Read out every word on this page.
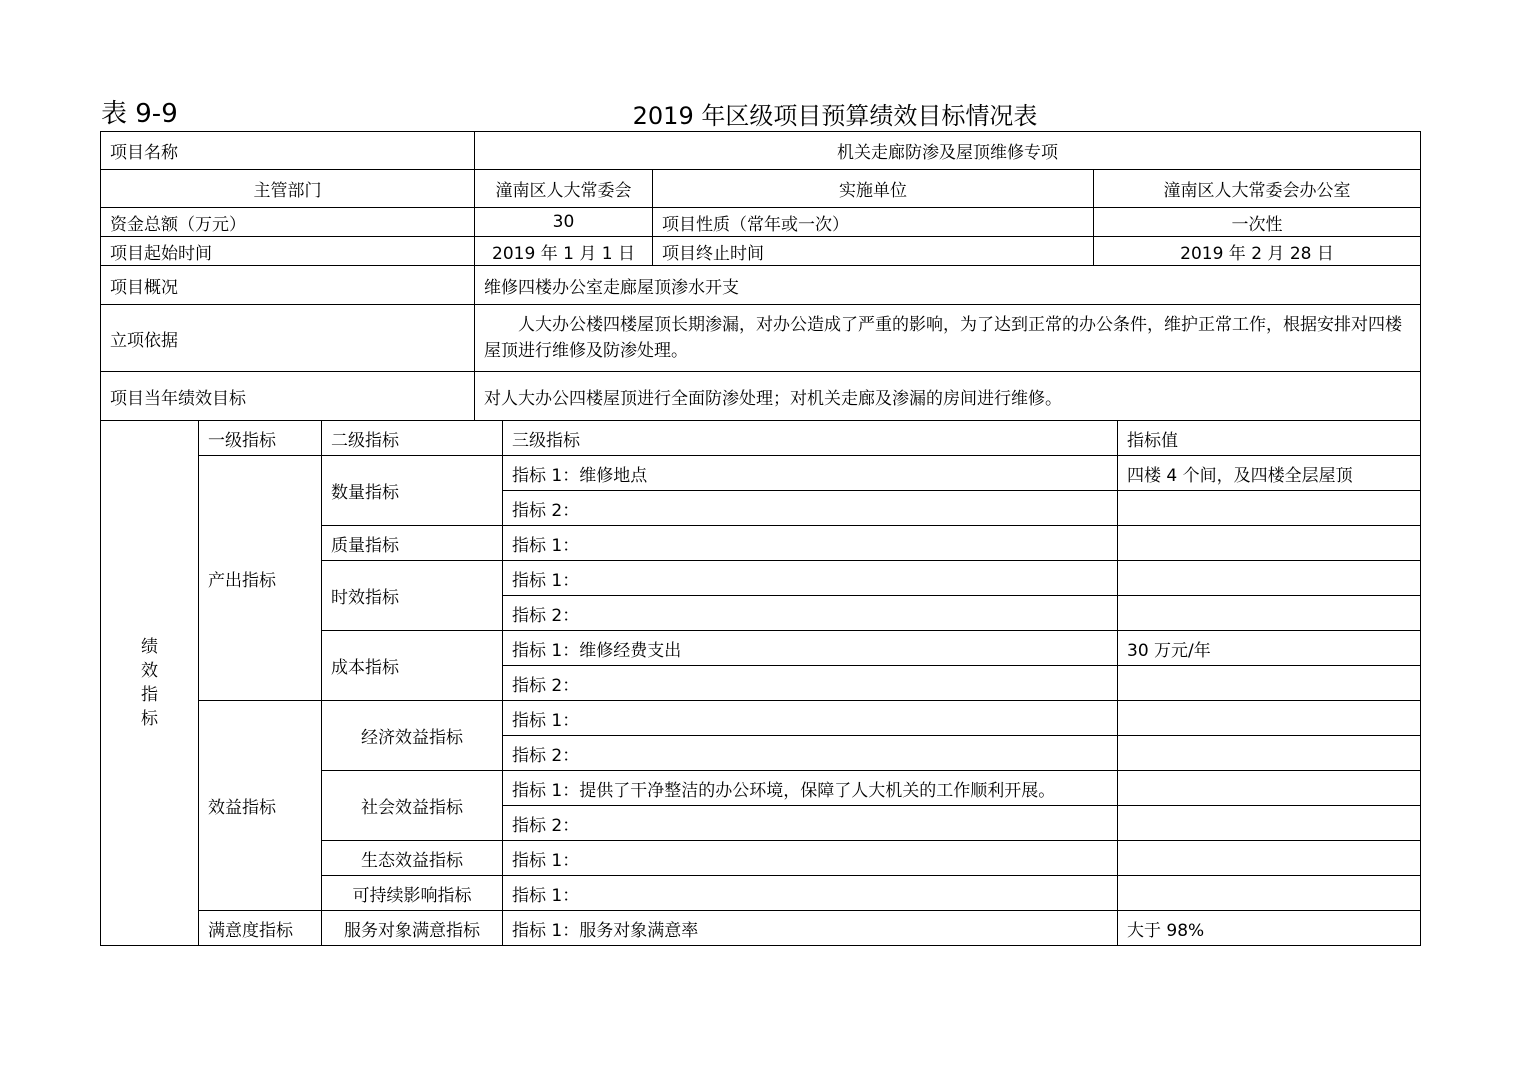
表 9-9	2019 年区级项目预算绩效目标情况表
项目名称	机关走廊防渗及屋顶维修专项		
主管部门	潼南区人大常委会	实施单位	潼南区人大常委会办公室
资金总额（万元）	30	项目性质（常年或一次）	一次性
项目起始时间	2019 年 1 月 1 日	项目终止时间	2019 年 2 月 28 日
项目概况	维修四楼办公室走廊屋顶渗水开支		
立项依据	人大办公楼四楼屋顶长期渗漏，对办公造成了严重的影响，为了达到正常的办公条件，维护正常工作，根据安排对四楼屋顶进行维修及防渗处理。		
项目当年绩效目标	对人大办公四楼屋顶进行全面防渗处理；对机关走廊及渗漏的房间进行维修。		
绩效指标	一级指标	二级指标	三级指标	指标值
	产出指标	数量指标	指标 1：维修地点	四楼 4 个间，及四楼全层屋顶
			指标 2：	
		质量指标	指标 1：	
		时效指标	指标 1：	
			指标 2：	
		成本指标	指标 1：维修经费支出	30 万元/年
			指标 2：	
	效益指标	经济效益指标	指标 1：	
			指标 2：	
		社会效益指标	指标 1：提供了干净整洁的办公环境，保障了人大机关的工作顺利开展。	
			指标 2：	
		生态效益指标	指标 1：	
		可持续影响指标	指标 1：	
	满意度指标	服务对象满意指标	指标 1：服务对象满意率	大于 98%
